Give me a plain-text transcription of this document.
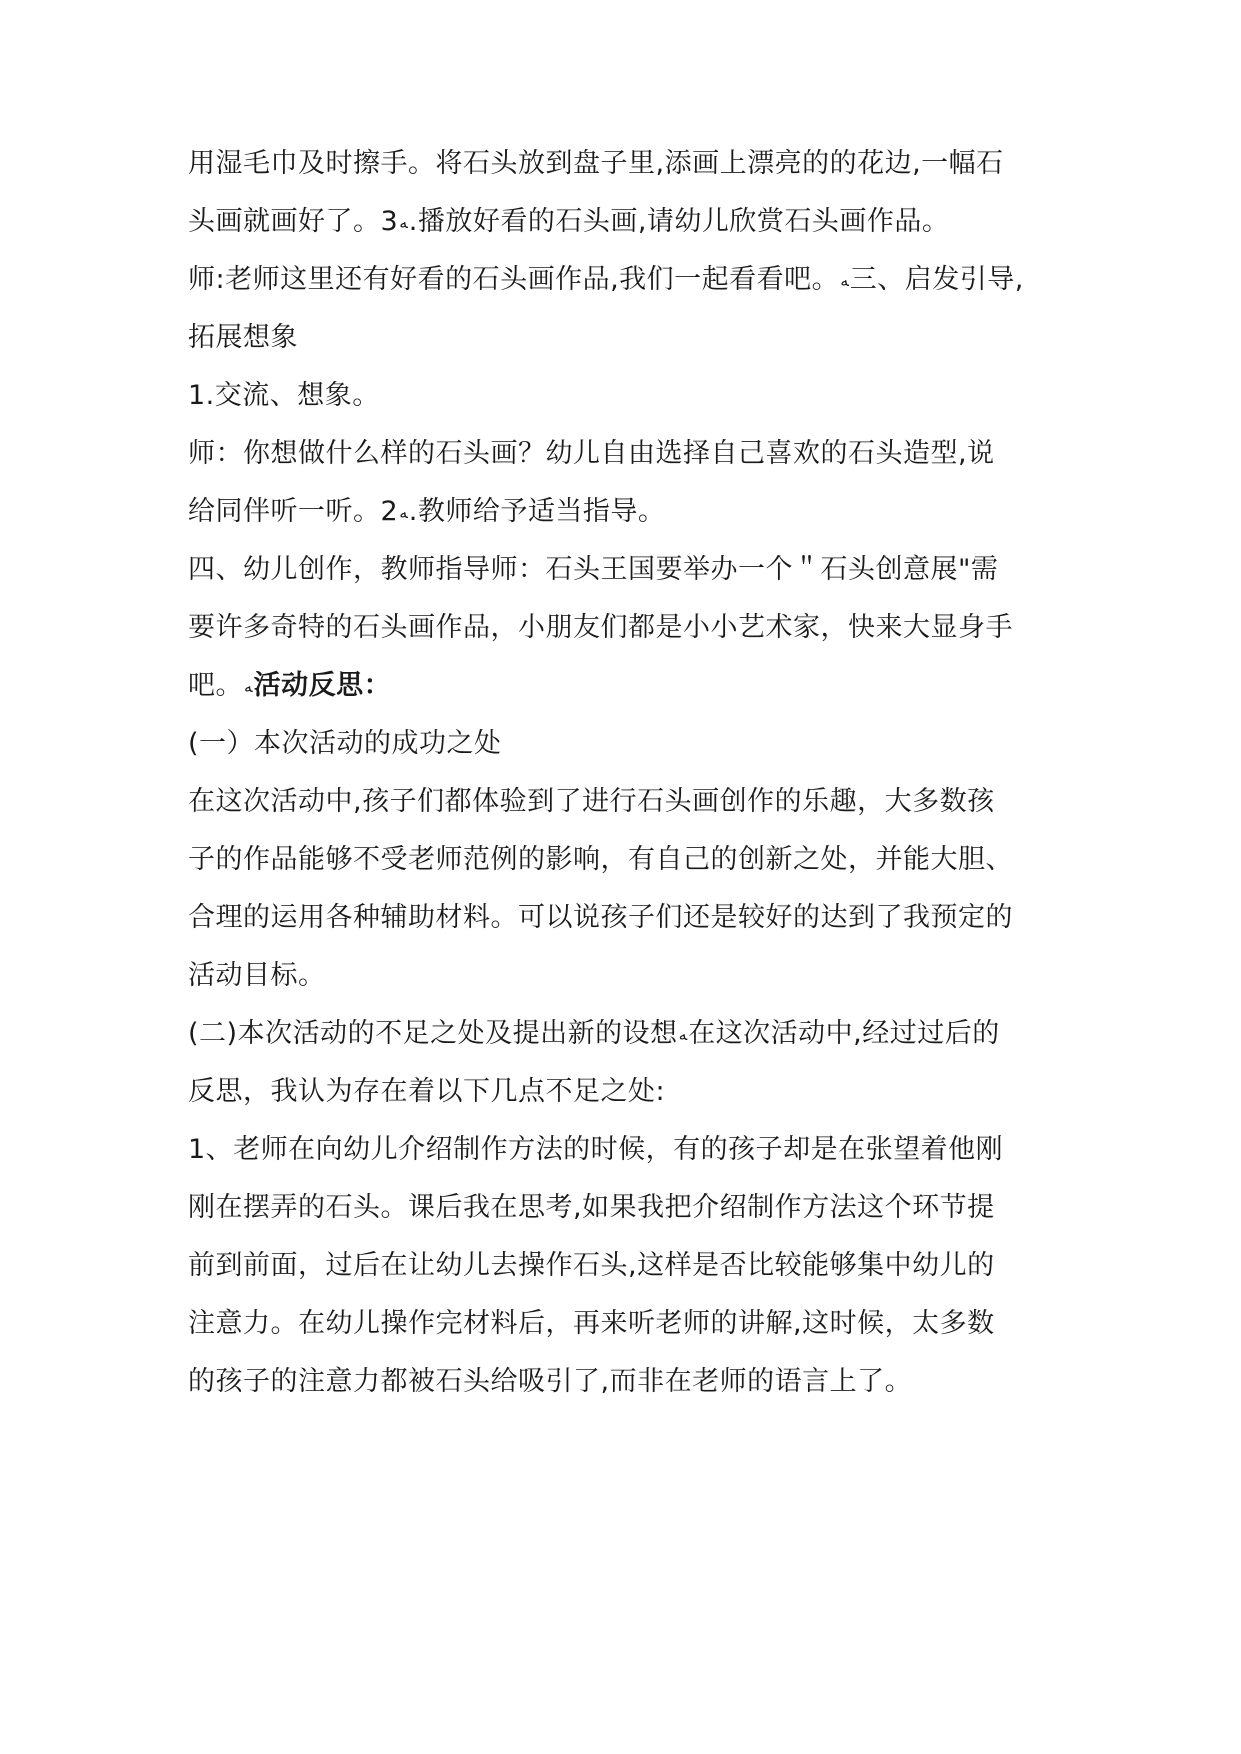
用湿毛巾及时擦手。将石头放到盘子里,添画上漂亮的的花边,一幅石
头画就画好了。3ﻪ.播放好看的石头画,请幼儿欣赏石头画作品。
师:老师这里还有好看的石头画作品,我们一起看看吧。ﻪ三、启发引导,
拓展想象
1.交流、想象。
师：你想做什么样的石头画？幼儿自由选择自己喜欢的石头造型,说
给同伴听一听。2ﻪ.教师给予适当指导。
四、幼儿创作，教师指导师：石头王国要举办一个＂石头创意展"需
要许多奇特的石头画作品，小朋友们都是小小艺术家，快来大显身手
吧。ﻪ活动反思：
(一）本次活动的成功之处
在这次活动中,孩子们都体验到了进行石头画创作的乐趣，大多数孩
子的作品能够不受老师范例的影响，有自己的创新之处，并能大胆、
合理的运用各种辅助材料。可以说孩子们还是较好的达到了我预定的
活动目标。
(二)本次活动的不足之处及提出新的设想ﻪ在这次活动中,经过过后的
反思，我认为存在着以下几点不足之处:
1、老师在向幼儿介绍制作方法的时候，有的孩子却是在张望着他刚
刚在摆弄的石头。课后我在思考,如果我把介绍制作方法这个环节提
前到前面，过后在让幼儿去操作石头,这样是否比较能够集中幼儿的
注意力。在幼儿操作完材料后，再来听老师的讲解,这时候，太多数
的孩子的注意力都被石头给吸引了,而非在老师的语言上了。
